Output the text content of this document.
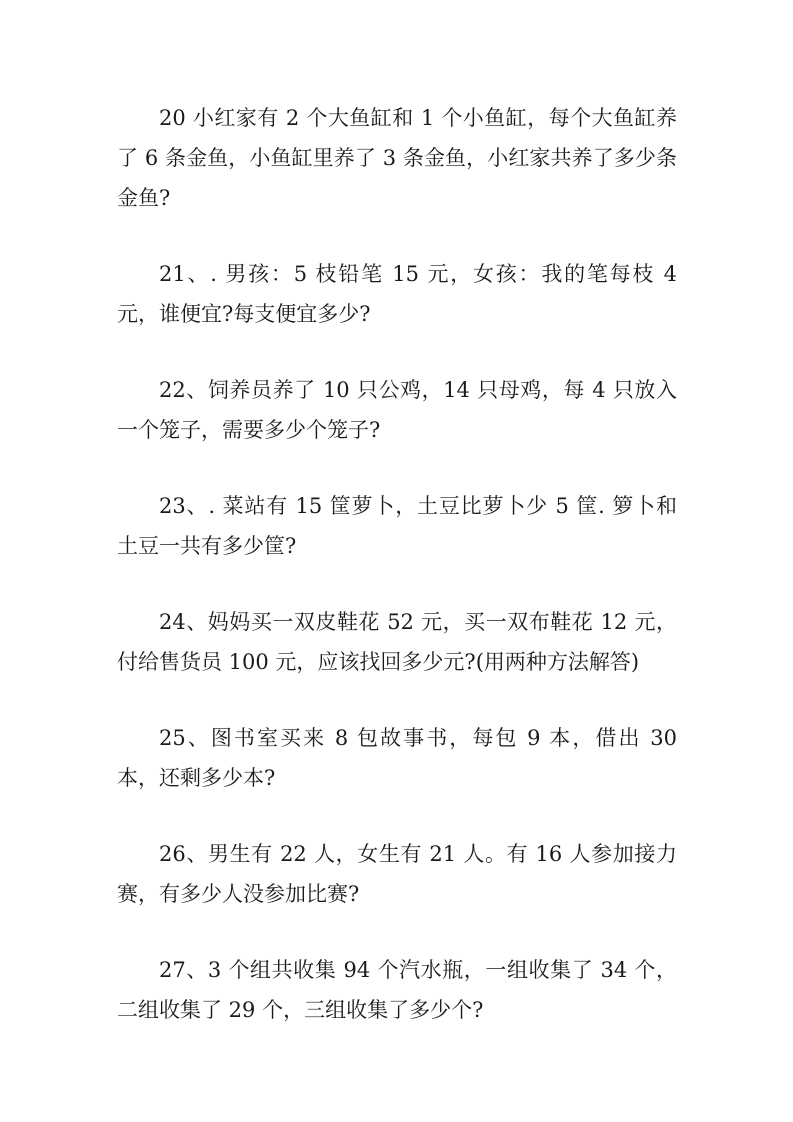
20 小红家有 2 个大鱼缸和 1 个小鱼缸，每个大鱼缸养了 6 条金鱼，小鱼缸里养了 3 条金鱼，小红家共养了多少条金鱼?

21、. 男孩：5 枝铅笔 15 元，女孩：我的笔每枝 4 元，谁便宜?每支便宜多少?

22、饲养员养了 10 只公鸡，14 只母鸡，每 4 只放入一个笼子，需要多少个笼子?

23、. 菜站有 15 筐萝卜，土豆比萝卜少 5 筐. 箩卜和土豆一共有多少筐?

24、妈妈买一双皮鞋花 52 元，买一双布鞋花 12 元，付给售货员 100 元，应该找回多少元?(用两种方法解答)

25、图书室买来 8 包故事书，每包 9 本，借出 30 本，还剩多少本?

26、男生有 22 人，女生有 21 人。有 16 人参加接力赛，有多少人没参加比赛?

27、3 个组共收集 94 个汽水瓶，一组收集了 34 个，二组收集了 29 个，三组收集了多少个?
